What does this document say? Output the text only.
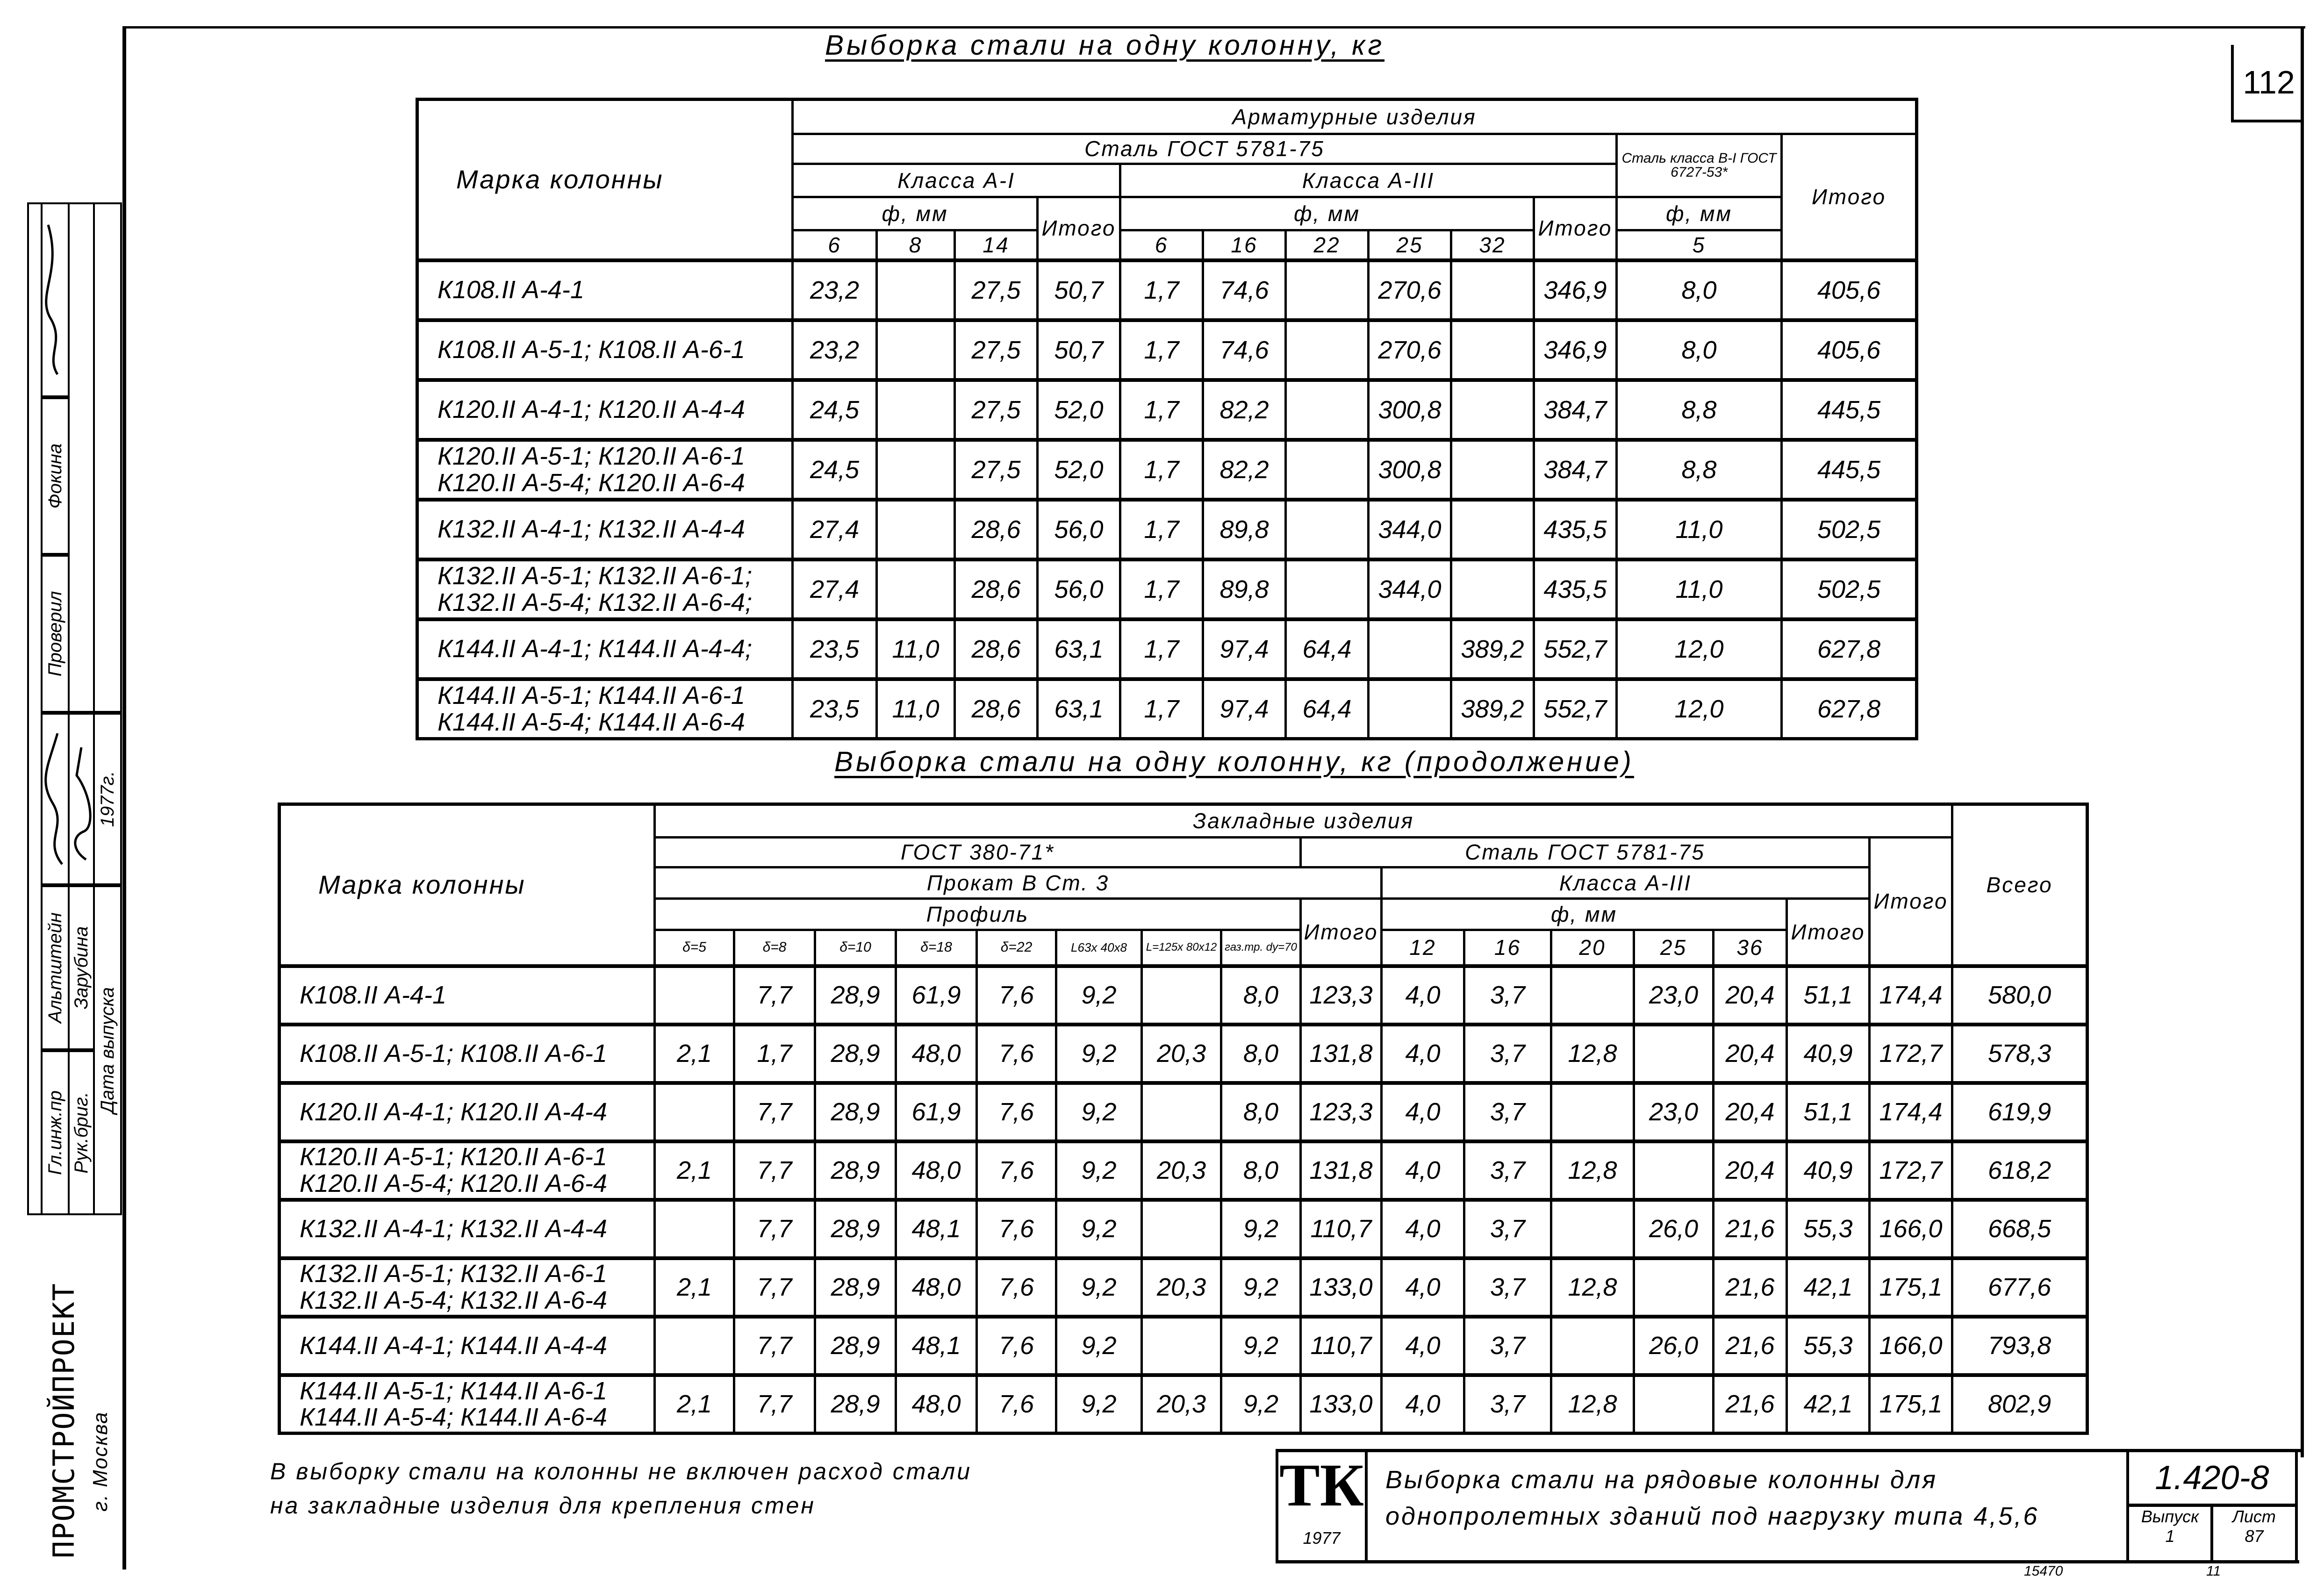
112
Выборка стали на одну колонну, кг
Марка колонны	Арматурные изделия											
	Сталь ГОСТ 5781-75										Сталь класса В-I ГОСТ 6727-53*	Итого
	Класса А-I				Класса А-III							
	ф, мм			Итого	ф, мм					Итого	ф, мм	
	6	8	14		6	16	22	25	32		5	
К108.II А-4-1	23,2		27,5	50,7	1,7	74,6		270,6		346,9	8,0	405,6
К108.II А-5-1; К108.II А-6-1	23,2		27,5	50,7	1,7	74,6		270,6		346,9	8,0	405,6
К120.II А-4-1; К120.II А-4-4	24,5		27,5	52,0	1,7	82,2		300,8		384,7	8,8	445,5
К120.II А-5-1; К120.II А-6-1
К120.II А-5-4; К120.II А-6-4	24,5		27,5	52,0	1,7	82,2		300,8		384,7	8,8	445,5
К132.II А-4-1; К132.II А-4-4	27,4		28,6	56,0	1,7	89,8		344,0		435,5	11,0	502,5
К132.II А-5-1; К132.II А-6-1;
К132.II А-5-4; К132.II А-6-4;	27,4		28,6	56,0	1,7	89,8		344,0		435,5	11,0	502,5
К144.II А-4-1; К144.II А-4-4;	23,5	11,0	28,6	63,1	1,7	97,4	64,4		389,2	552,7	12,0	627,8
К144.II А-5-1; К144.II А-6-1
К144.II А-5-4; К144.II А-6-4	23,5	11,0	28,6	63,1	1,7	97,4	64,4		389,2	552,7	12,0	627,8
Выборка стали на одну колонну, кг (продолжение)
Марка колонны	Закладные изделия																Всего
	ГОСТ 380-71*								Сталь ГОСТ 5781-75							Итого	
	Прокат В Ст. 3									Класса А-III							
	Профиль								Итого	ф, мм					Итого		
	δ=5	δ=8	δ=10	δ=18	δ=22	L63x 40x8	L=125x 80x12	газ.тр. dу=70		12	16	20	25	36			
К108.II А-4-1		7,7	28,9	61,9	7,6	9,2		8,0	123,3	4,0	3,7		23,0	20,4	51,1	174,4	580,0
К108.II А-5-1; К108.II А-6-1	2,1	1,7	28,9	48,0	7,6	9,2	20,3	8,0	131,8	4,0	3,7	12,8		20,4	40,9	172,7	578,3
К120.II А-4-1; К120.II А-4-4		7,7	28,9	61,9	7,6	9,2		8,0	123,3	4,0	3,7		23,0	20,4	51,1	174,4	619,9
К120.II А-5-1; К120.II А-6-1
К120.II А-5-4; К120.II А-6-4	2,1	7,7	28,9	48,0	7,6	9,2	20,3	8,0	131,8	4,0	3,7	12,8		20,4	40,9	172,7	618,2
К132.II А-4-1; К132.II А-4-4		7,7	28,9	48,1	7,6	9,2		9,2	110,7	4,0	3,7		26,0	21,6	55,3	166,0	668,5
К132.II А-5-1; К132.II А-6-1
К132.II А-5-4; К132.II А-6-4	2,1	7,7	28,9	48,0	7,6	9,2	20,3	9,2	133,0	4,0	3,7	12,8		21,6	42,1	175,1	677,6
К144.II А-4-1; К144.II А-4-4		7,7	28,9	48,1	7,6	9,2		9,2	110,7	4,0	3,7		26,0	21,6	55,3	166,0	793,8
К144.II А-5-1; К144.II А-6-1
К144.II А-5-4; К144.II А-6-4	2,1	7,7	28,9	48,0	7,6	9,2	20,3	9,2	133,0	4,0	3,7	12,8		21,6	42,1	175,1	802,9
В выборку стали на колонны не включен расход стали
на закладные изделия для крепления стен	ТК
1977
Выборка стали на рядовые колонны для
однопролетных зданий под нагрузку типа 4,5,6
1.420-8
Выпуск
1
Лист
87
15470	11
Гл.инж.пр
Альтштейн
Проверил
Фокина
Рук.бриг.
Зарубина
Дата выпуска
1977г.
ПРОМСТРОЙПРОЕКТ г. Москва
